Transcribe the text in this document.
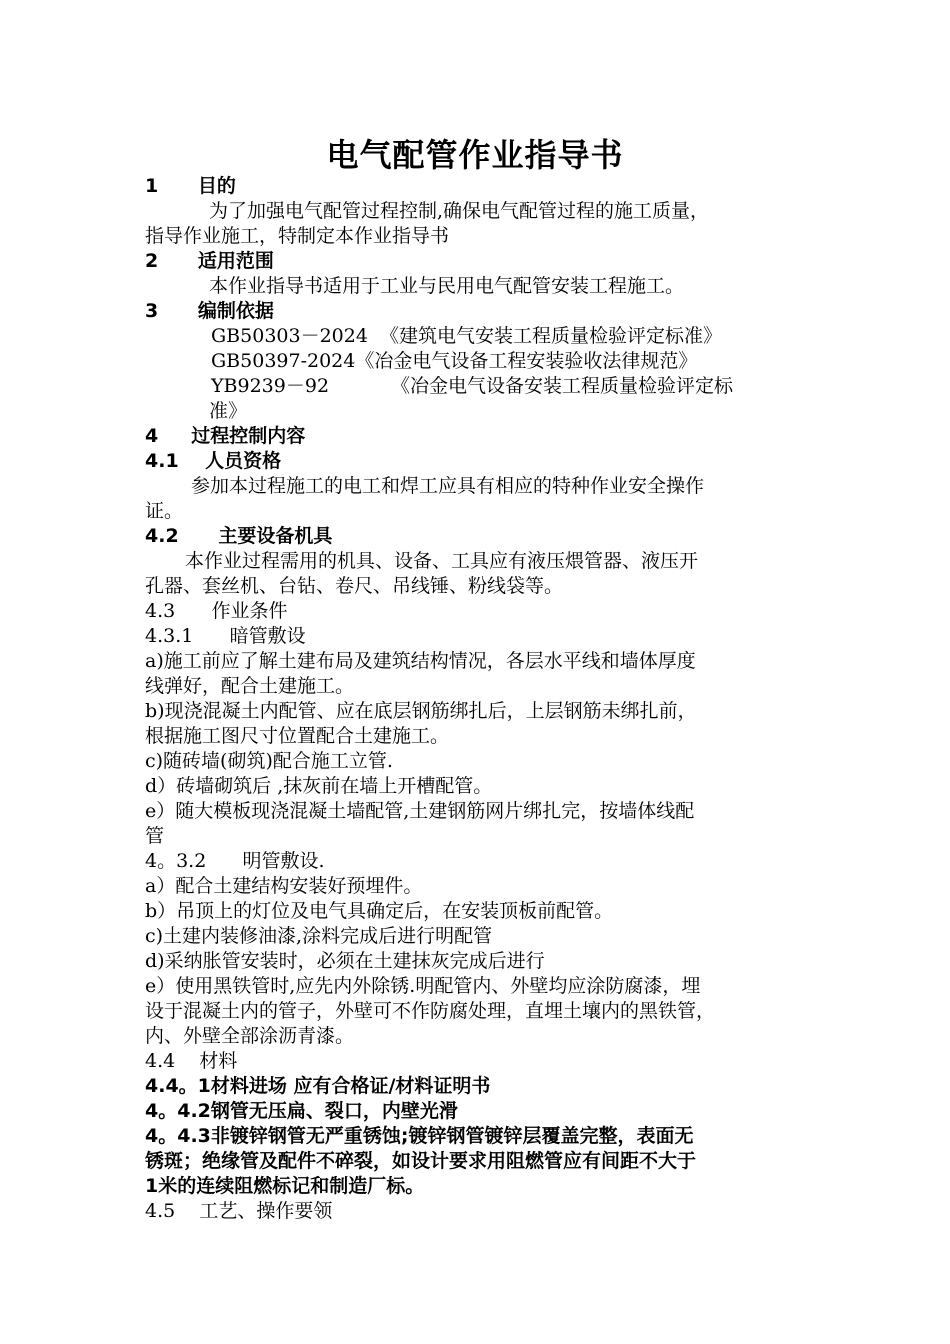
电气配管作业指导书
1      目的
为了加强电气配管过程控制,确保电气配管过程的施工质量，
指导作业施工，特制定本作业指导书
2      适用范围
本作业指导书适用于工业与民用电气配管安装工程施工。
3      编制依据
GB50303－2024 《建筑电气安装工程质量检验评定标准》
GB50397-2024 《冶金电气设备工程安装验收法律规范》
YB9239－92	《冶金电气设备安装工程质量检验评定标
准》
4     过程控制内容
4.1    人员资格
参加本过程施工的电工和焊工应具有相应的特种作业安全操作
证。
4.2      主要设备机具
本作业过程需用的机具、设备、工具应有液压煨管器、液压开
孔器、套丝机、台钻、卷尺、吊线锤、粉线袋等。
4.3      作业条件
4.3.1      暗管敷设
a)施工前应了解土建布局及建筑结构情况，各层水平线和墙体厚度
线弹好，配合土建施工。
b)现浇混凝土内配管、应在底层钢筋绑扎后，上层钢筋未绑扎前，
根据施工图尺寸位置配合土建施工。
c)随砖墙(砌筑)配合施工立管.
d）砖墙砌筑后 ,抹灰前在墙上开槽配管。
e）随大模板现浇混凝土墙配管,土建钢筋网片绑扎完，按墙体线配
管
4。3.2      明管敷设.
a）配合土建结构安装好预埋件。
b）吊顶上的灯位及电气具确定后，在安装顶板前配管。
c)土建内装修油漆,涂料完成后进行明配管
d)采纳胀管安装时，必须在土建抹灰完成后进行
e）使用黑铁管时,应先内外除锈.明配管内、外壁均应涂防腐漆，埋
设于混凝土内的管子，外壁可不作防腐处理，直埋土壤内的黑铁管，
内、外壁全部涂沥青漆。
4.4    材料
4.4。1材料进场 应有合格证/材料证明书
4。4.2钢管无压扁、裂口，内壁光滑
4。4.3非镀锌钢管无严重锈蚀;镀锌钢管镀锌层覆盖完整，表面无
锈斑；绝缘管及配件不碎裂，如设计要求用阻燃管应有间距不大于
1米的连续阻燃标记和制造厂标。
4.5    工艺、操作要领
